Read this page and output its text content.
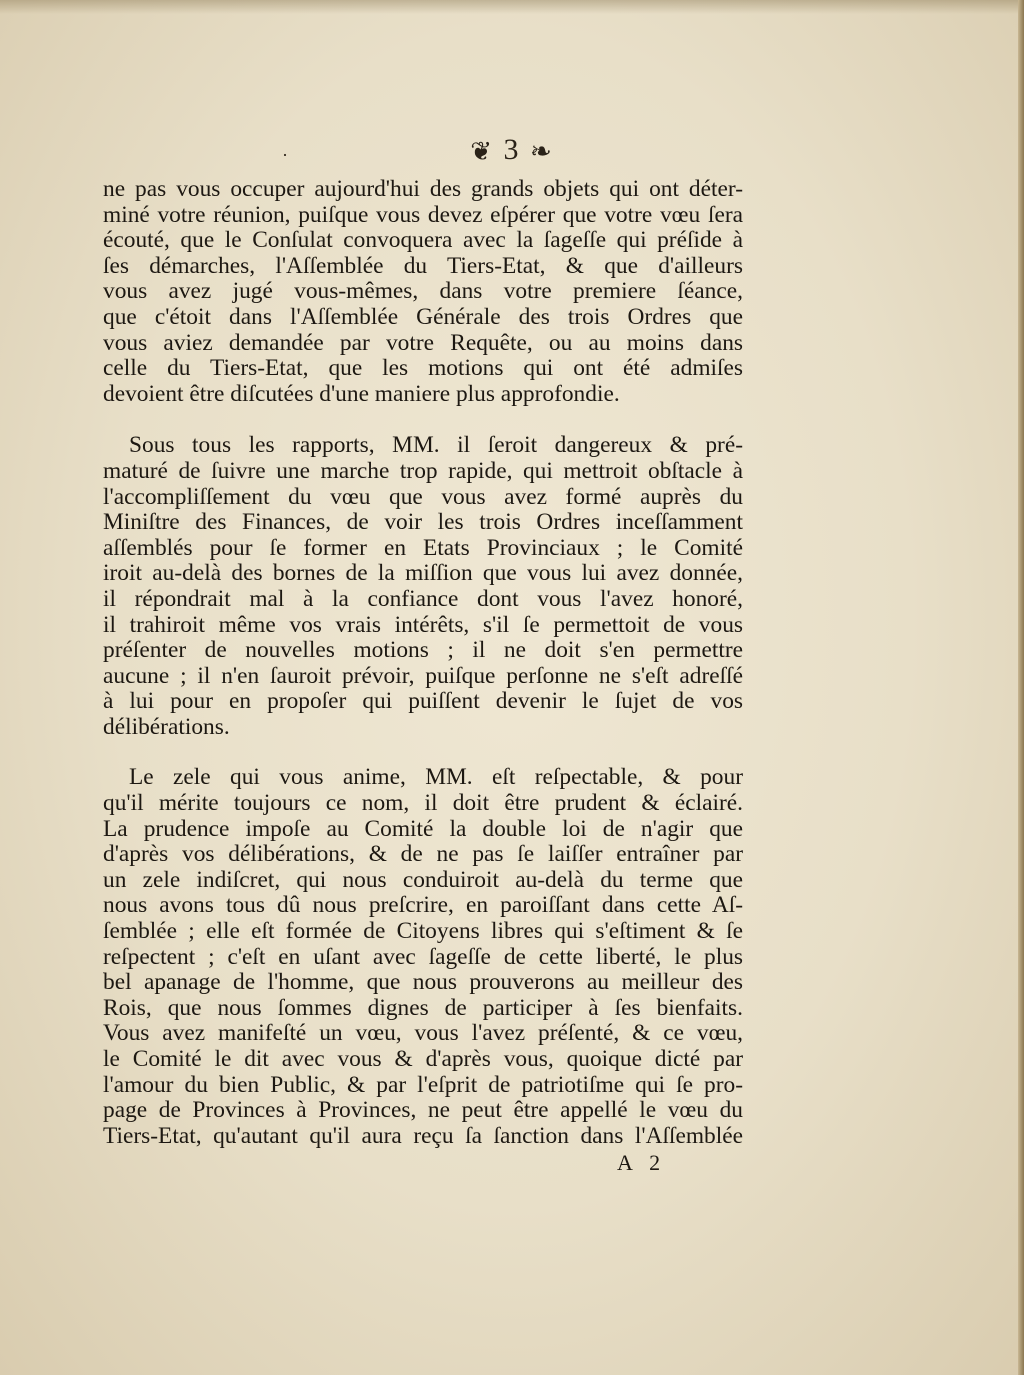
·	❦ 3 ❧
ne pas vous occuper aujourd'hui des grands objets qui ont déter-
miné votre réunion, puiſque vous devez eſpérer que votre vœu ſera
écouté, que le Conſulat convoquera avec la ſageſſe qui préſide à
ſes démarches, l'Aſſemblée du Tiers-Etat, & que d'ailleurs
vous avez jugé vous-mêmes, dans votre premiere ſéance,
que c'étoit dans l'Aſſemblée Générale des trois Ordres que
vous aviez demandée par votre Requête, ou au moins dans
celle du Tiers-Etat, que les motions qui ont été admiſes
devoient être diſcutées d'une maniere plus approfondie.
Sous tous les rapports, MM. il ſeroit dangereux & pré-
maturé de ſuivre une marche trop rapide, qui mettroit obſtacle à
l'accompliſſement du vœu que vous avez formé auprès du
Miniſtre des Finances, de voir les trois Ordres inceſſamment
aſſemblés pour ſe former en Etats Provinciaux ; le Comité
iroit au-delà des bornes de la miſſion que vous lui avez donnée,
il répondrait mal à la confiance dont vous l'avez honoré,
il trahiroit même vos vrais intérêts, s'il ſe permettoit de vous
préſenter de nouvelles motions ; il ne doit s'en permettre
aucune ; il n'en ſauroit prévoir, puiſque perſonne ne s'eſt adreſſé
à lui pour en propoſer qui puiſſent devenir le ſujet de vos
délibérations.
Le zele qui vous anime, MM. eſt reſpectable, & pour
qu'il mérite toujours ce nom, il doit être prudent & éclairé.
La prudence impoſe au Comité la double loi de n'agir que
d'après vos délibérations, & de ne pas ſe laiſſer entraîner par
un zele indiſcret, qui nous conduiroit au-delà du terme que
nous avons tous dû nous preſcrire, en paroiſſant dans cette Aſ-
ſemblée ; elle eſt formée de Citoyens libres qui s'eſtiment & ſe
reſpectent ; c'eſt en uſant avec ſageſſe de cette liberté, le plus
bel apanage de l'homme, que nous prouverons au meilleur des
Rois, que nous ſommes dignes de participer à ſes bienfaits.
Vous avez manifeſté un vœu, vous l'avez préſenté, & ce vœu,
le Comité le dit avec vous & d'après vous, quoique dicté par
l'amour du bien Public, & par l'eſprit de patriotiſme qui ſe pro-
page de Provinces à Provinces, ne peut être appellé le vœu du
Tiers-Etat, qu'autant qu'il aura reçu ſa ſanction dans l'Aſſemblée
A 2
